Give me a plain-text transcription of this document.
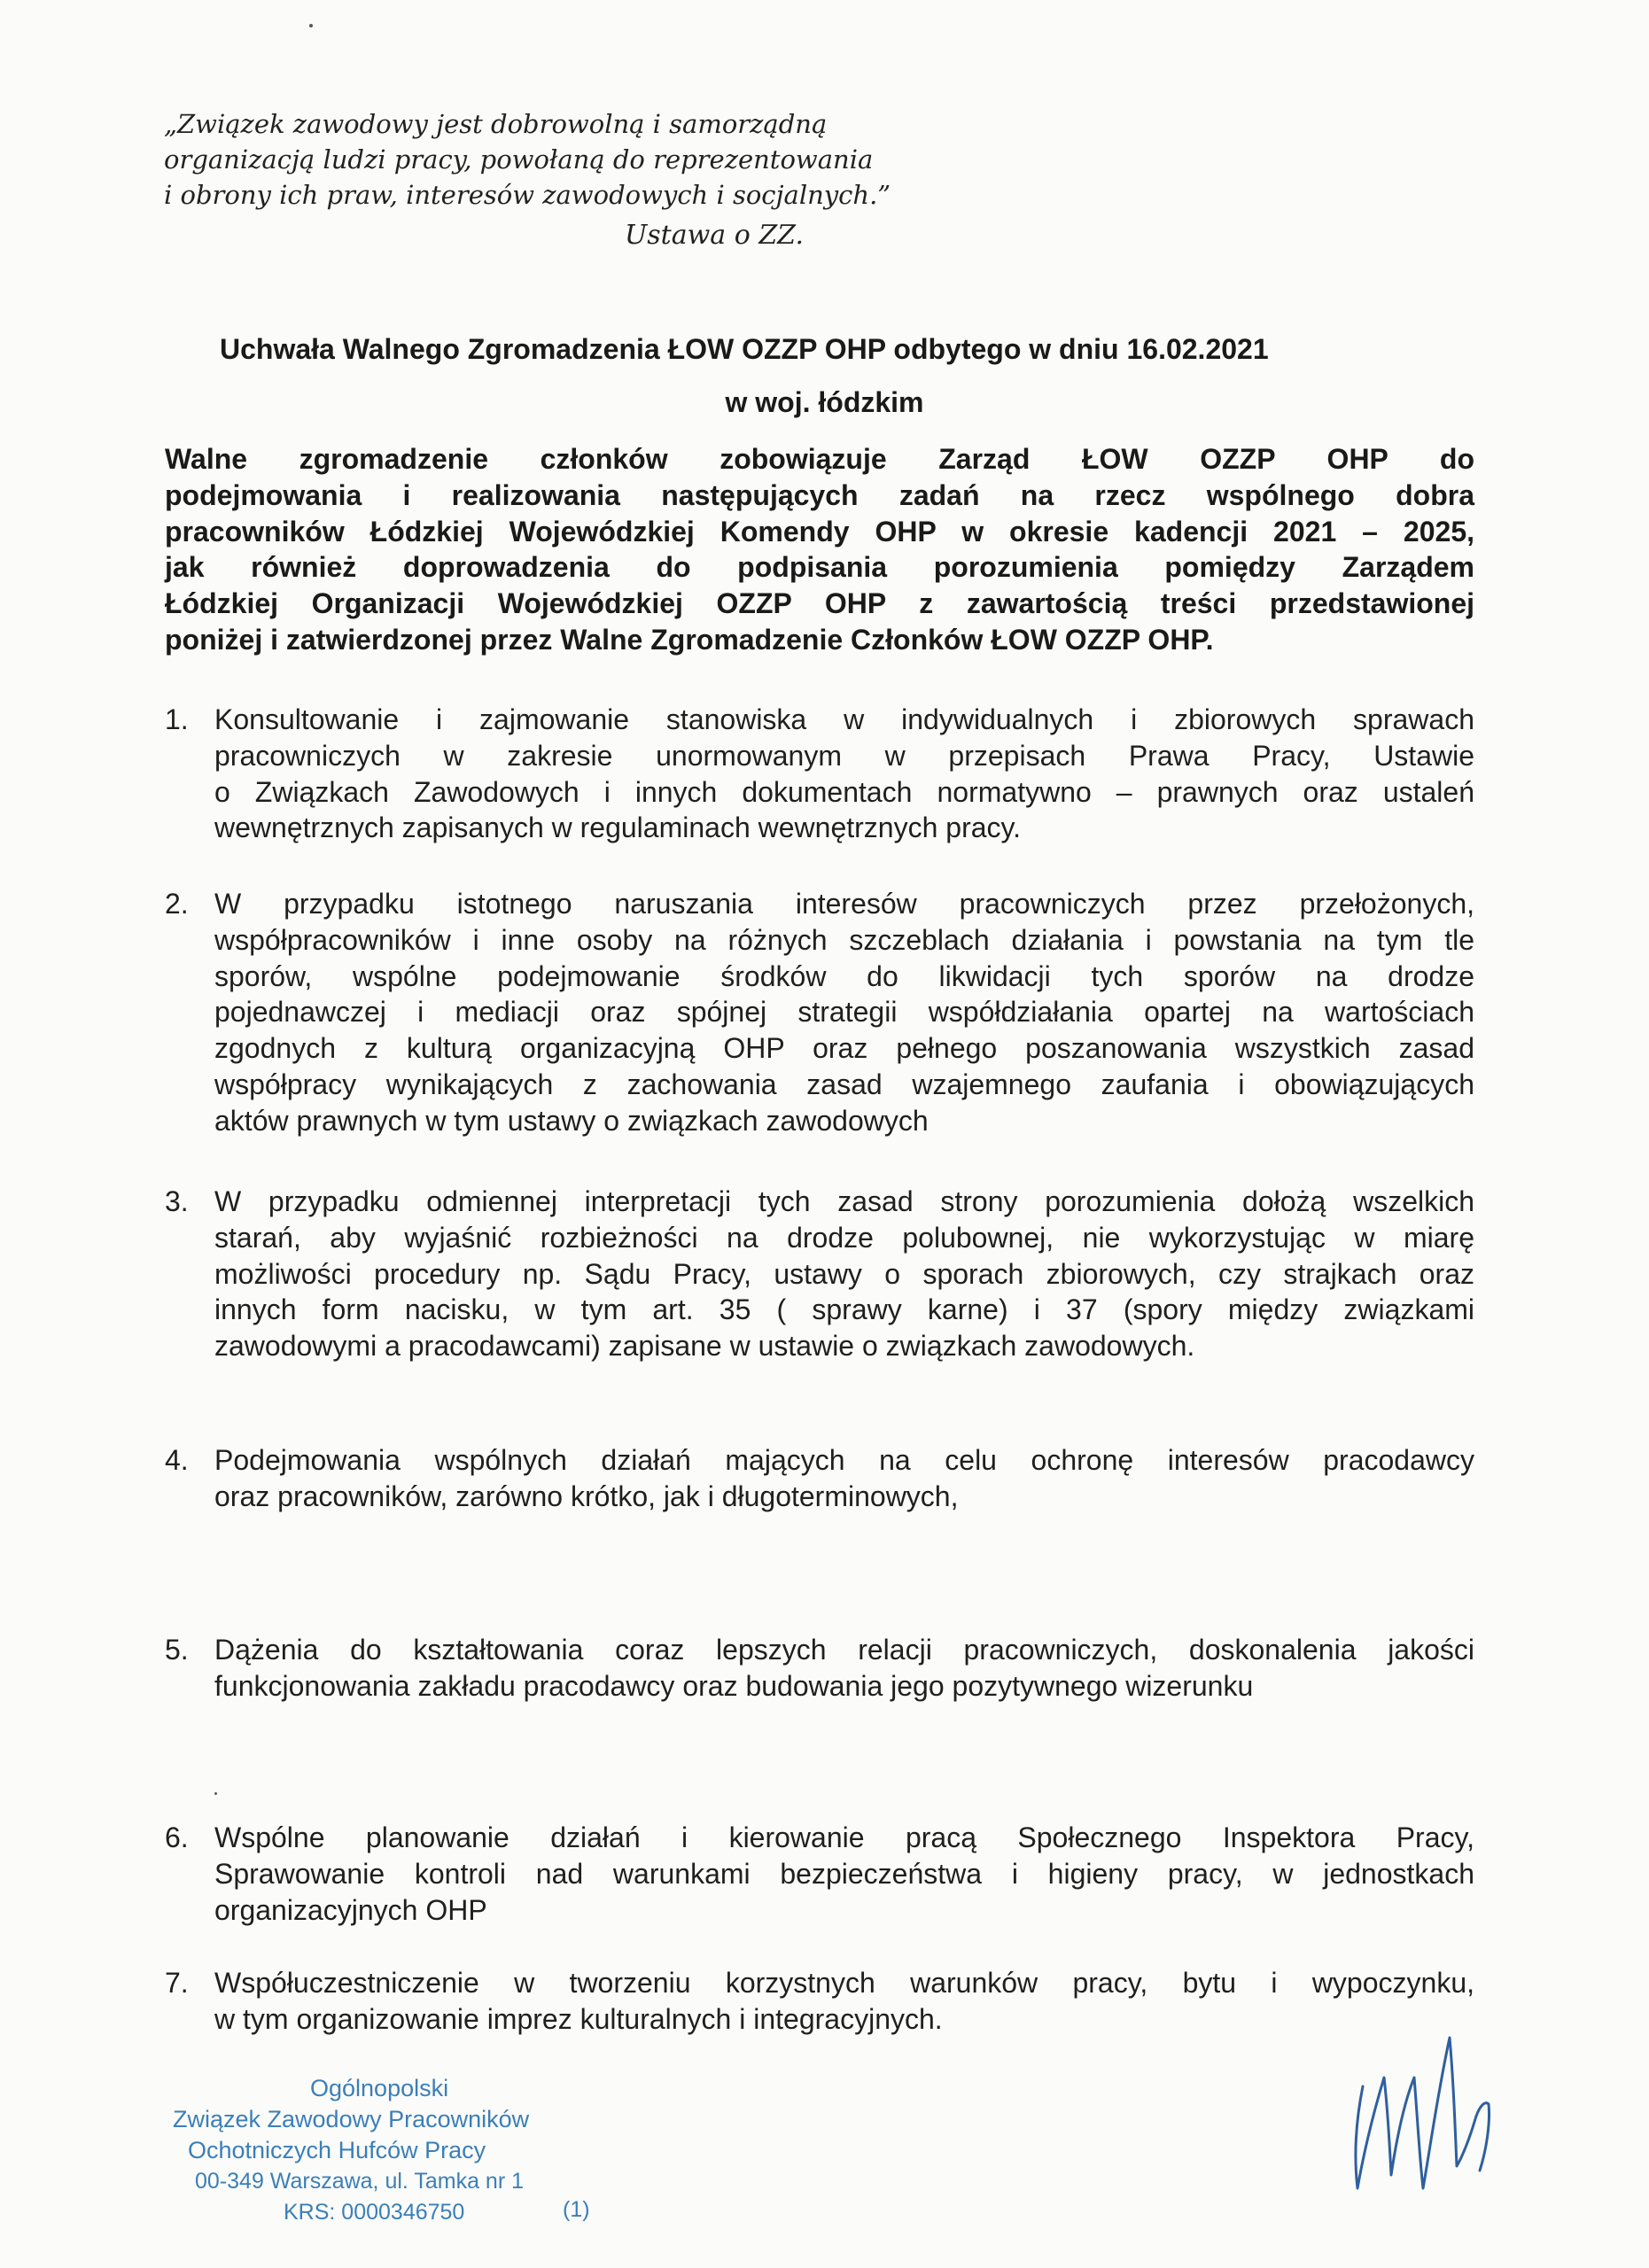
„Związek zawodowy jest dobrowolną i samorządną
organizacją ludzi pracy, powołaną do reprezentowania
i obrony ich praw, interesów zawodowych i socjalnych.”
Ustawa o ZZ.
Uchwała Walnego Zgromadzenia ŁOW OZZP OHP odbytego w dniu 16.02.2021
w woj. łódzkim
Walne zgromadzenie członków zobowiązuje Zarząd ŁOW OZZP OHP do
podejmowania i realizowania następujących zadań na rzecz wspólnego dobra
pracowników Łódzkiej Wojewódzkiej Komendy OHP w okresie kadencji 2021 – 2025,
jak również doprowadzenia do podpisania porozumienia pomiędzy Zarządem
Łódzkiej Organizacji Wojewódzkiej OZZP OHP z zawartością treści przedstawionej
poniżej i zatwierdzonej przez Walne Zgromadzenie Członków ŁOW OZZP OHP.
1. Konsultowanie i zajmowanie stanowiska w indywidualnych i zbiorowych sprawach
pracowniczych w zakresie unormowanym w przepisach Prawa Pracy, Ustawie
o Związkach Zawodowych i innych dokumentach normatywno – prawnych oraz ustaleń
wewnętrznych zapisanych w regulaminach wewnętrznych pracy.
2. W przypadku istotnego naruszania interesów pracowniczych przez przełożonych,
współpracowników i inne osoby na różnych szczeblach działania i powstania na tym tle
sporów, wspólne podejmowanie środków do likwidacji tych sporów na drodze
pojednawczej i mediacji oraz spójnej strategii współdziałania opartej na wartościach
zgodnych z kulturą organizacyjną OHP oraz pełnego poszanowania wszystkich zasad
współpracy wynikających z zachowania zasad wzajemnego zaufania i obowiązujących
aktów prawnych w tym ustawy o związkach zawodowych
3. W przypadku odmiennej interpretacji tych zasad strony porozumienia dołożą wszelkich
starań, aby wyjaśnić rozbieżności na drodze polubownej, nie wykorzystując w miarę
możliwości procedury np. Sądu Pracy, ustawy o sporach zbiorowych, czy strajkach oraz
innych form nacisku, w tym art. 35 ( sprawy karne) i 37 (spory między związkami
zawodowymi a pracodawcami) zapisane w ustawie o związkach zawodowych.
4. Podejmowania wspólnych działań mających na celu ochronę interesów pracodawcy
oraz pracowników, zarówno krótko, jak i długoterminowych,
5. Dążenia do kształtowania coraz lepszych relacji pracowniczych, doskonalenia jakości
funkcjonowania zakładu pracodawcy oraz budowania jego pozytywnego wizerunku
6. Wspólne planowanie działań i kierowanie pracą Społecznego Inspektora Pracy,
Sprawowanie kontroli nad warunkami bezpieczeństwa i higieny pracy, w jednostkach
organizacyjnych OHP
7. Współuczestniczenie w tworzeniu korzystnych warunków pracy, bytu i wypoczynku,
w tym organizowanie imprez kulturalnych i integracyjnych.
Ogólnopolski
Związek Zawodowy Pracowników
Ochotniczych Hufców Pracy
00-349 Warszawa, ul. Tamka nr 1
KRS: 0000346750	(1)
